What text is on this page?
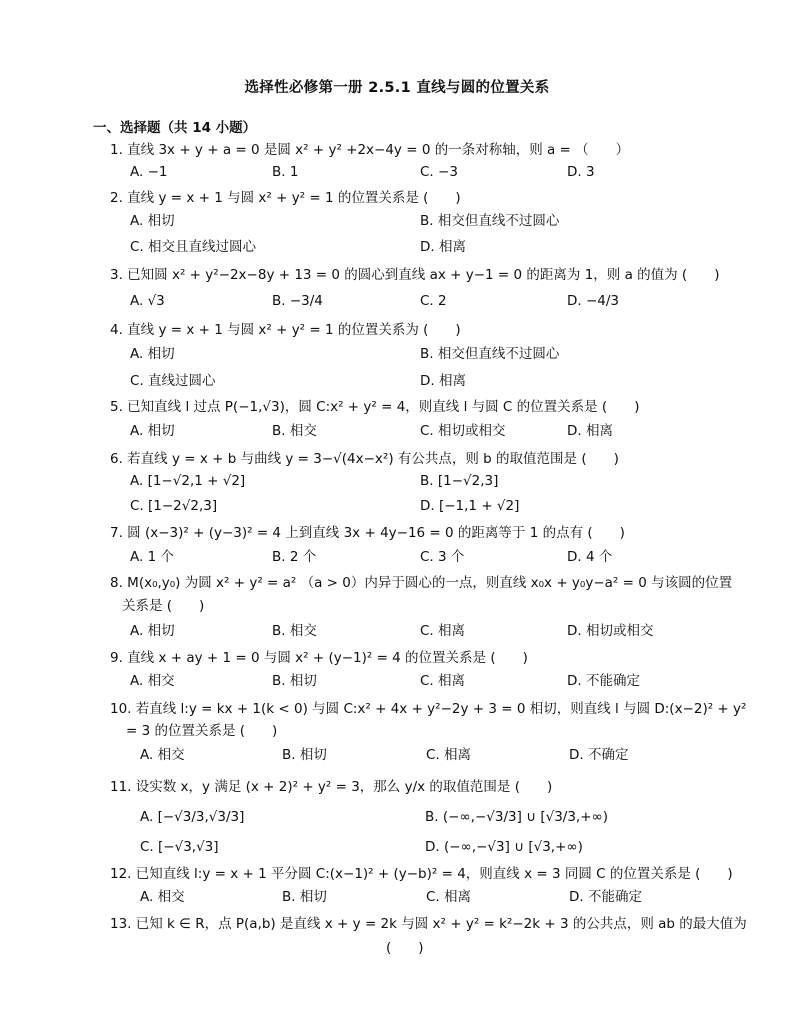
选择性必修第一册 2.5.1 直线与圆的位置关系
一、选择题（共 14 小题）
1. 直线 3x + y + a = 0 是圆 x² + y² +2x−4y = 0 的一条对称轴，则 a = （　　）
A. −1	B. 1	C. −3	D. 3
2. 直线 y = x + 1 与圆 x² + y² = 1 的位置关系是 (　　)
A. 相切	B. 相交但直线不过圆心
C. 相交且直线过圆心	D. 相离
3. 已知圆 x² + y²−2x−8y + 13 = 0 的圆心到直线 ax + y−1 = 0 的距离为 1，则 a 的值为 (　　)
A. √3	B. −3/4	C. 2	D. −4/3
4. 直线 y = x + 1 与圆 x² + y² = 1 的位置关系为 (　　)
A. 相切	B. 相交但直线不过圆心
C. 直线过圆心	D. 相离
5. 已知直线 l 过点 P(−1,√3)，圆 C:x² + y² = 4，则直线 l 与圆 C 的位置关系是 (　　)
A. 相切	B. 相交	C. 相切或相交	D. 相离
6. 若直线 y = x + b 与曲线 y = 3−√(4x−x²) 有公共点，则 b 的取值范围是 (　　)
A. [1−√2,1 + √2]	B. [1−√2,3]
C. [1−2√2,3]	D. [−1,1 + √2]
7. 圆 (x−3)² + (y−3)² = 4 上到直线 3x + 4y−16 = 0 的距离等于 1 的点有 (　　)
A. 1 个	B. 2 个	C. 3 个	D. 4 个
8. M(x₀,y₀) 为圆 x² + y² = a² （a > 0）内异于圆心的一点，则直线 x₀x + y₀y−a² = 0 与该圆的位置
关系是 (　　)
A. 相切	B. 相交	C. 相离	D. 相切或相交
9. 直线 x + ay + 1 = 0 与圆 x² + (y−1)² = 4 的位置关系是 (　　)
A. 相交	B. 相切	C. 相离	D. 不能确定
10. 若直线 l:y = kx + 1(k < 0) 与圆 C:x² + 4x + y²−2y + 3 = 0 相切，则直线 l 与圆 D:(x−2)² + y²
= 3 的位置关系是 (　　)
A. 相交	B. 相切	C. 相离	D. 不确定
11. 设实数 x，y 满足 (x + 2)² + y² = 3，那么 y/x 的取值范围是 (　　)
A. [−√3/3,√3/3]	B. (−∞,−√3/3] ∪ [√3/3,+∞)
C. [−√3,√3]	D. (−∞,−√3] ∪ [√3,+∞)
12. 已知直线 l:y = x + 1 平分圆 C:(x−1)² + (y−b)² = 4，则直线 x = 3 同圆 C 的位置关系是 (　　)
A. 相交	B. 相切	C. 相离	D. 不能确定
13. 已知 k ∈ R，点 P(a,b) 是直线 x + y = 2k 与圆 x² + y² = k²−2k + 3 的公共点，则 ab 的最大值为
(　　)
